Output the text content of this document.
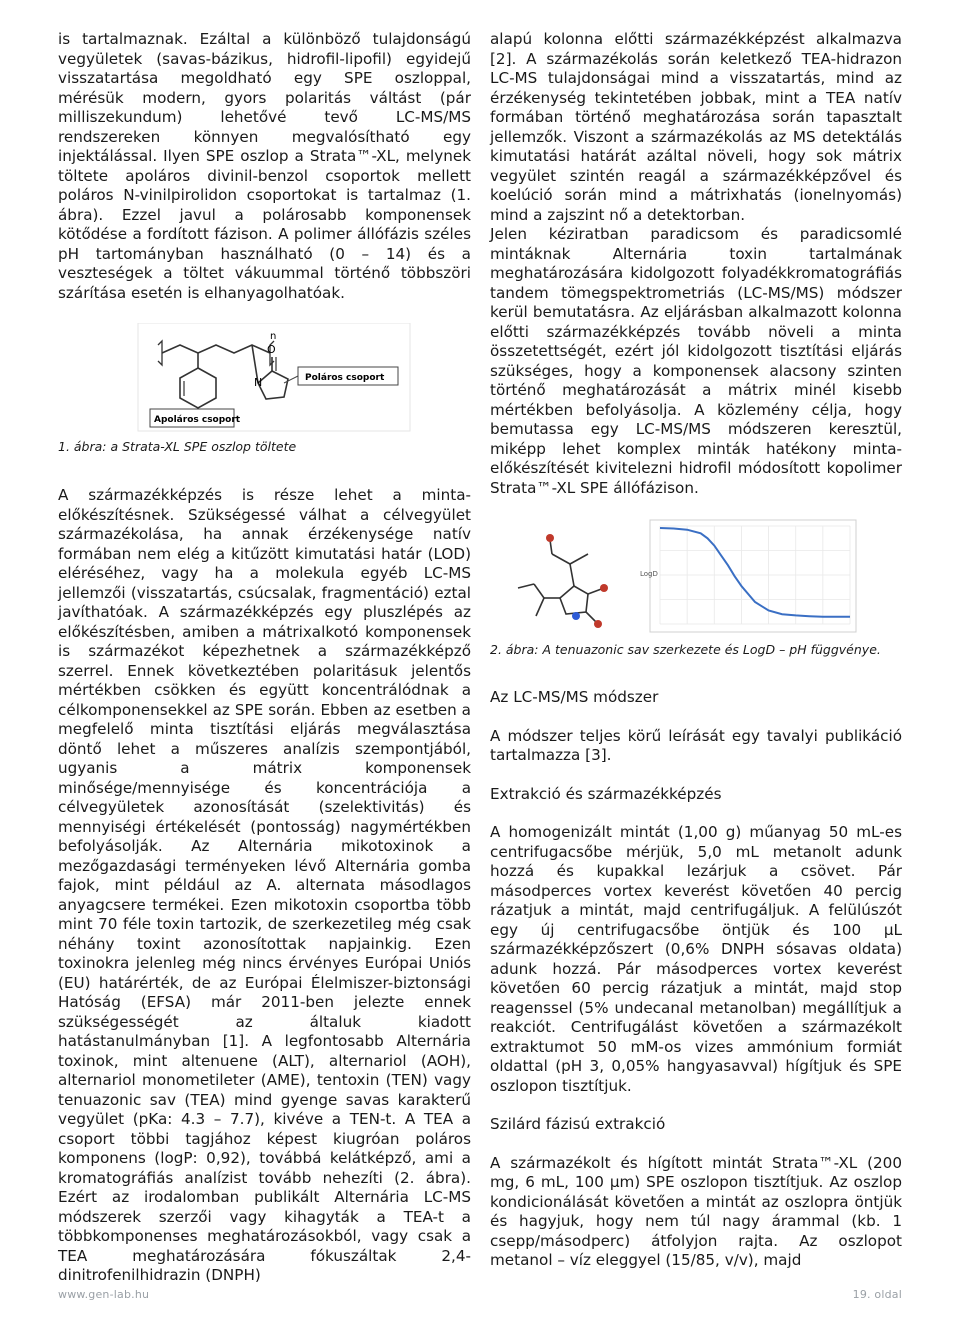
is tartalmaznak. Ezáltal a különböző tulajdonságú vegyületek (savas-bázikus, hidrofil-lipofil) egyidejű visszatartása megoldható egy SPE oszloppal, mérésük modern, gyors polaritás váltást (pár milliszekundum) lehetővé tevő LC-MS/MS rendszereken könnyen megvalósítható egy injektálással. Ilyen SPE oszlop a Strata™-XL, melynek töltete apoláros divinil-benzol csoportok mellett poláros N-vinilpirolidon csoportokat is tartalmaz (1. ábra). Ezzel javul a polárosabb komponensek kötődése a fordított fázison. A polimer állófázis széles pH tartományban használható (0 – 14) és a veszteségek a töltet vákuummal történő többszöri szárítása esetén is elhanyagolhatóak.

n
O
N	Poláros csoport
Apoláros csoport

1. ábra: a Strata-XL SPE oszlop töltete

A származékképzés is része lehet a minta-előkészítésnek. Szükségessé válhat a célvegyület származékolása, ha annak érzékenysége natív formában nem elég a kitűzött kimutatási határ (LOD) eléréséhez, vagy ha a molekula egyéb LC-MS jellemzői (visszatartás, csúcsalak, fragmentáció) eztal javíthatóak. A származékképzés egy pluszlépés az előkészítésben, amiben a mátrixalkotó komponensek is származékot képezhetnek a származékképző szerrel. Ennek következtében polaritásuk jelentős mértékben csökken és együtt koncentrálódnak a célkomponensekkel az SPE során. Ebben az esetben a megfelelő minta tisztítási eljárás megválasztása döntő lehet a műszeres analízis szempontjából, ugyanis a mátrix komponensek minősége/mennyisége és koncentrációja a célvegyületek azonosítását (szelektivitás) és mennyiségi értékelését (pontosság) nagymértékben befolyásolják. Az Alternária mikotoxinok a mezőgazdasági terményeken lévő Alternária gomba fajok, mint például az A. alternata másodlagos anyagcsere termékei. Ezen mikotoxin csoportba több mint 70 féle toxin tartozik, de szerkezetileg még csak néhány toxint azonosítottak napjainkig. Ezen toxinokra jelenleg még nincs érvényes Európai Uniós (EU) határérték, de az Európai Élelmiszer-biztonsági Hatóság (EFSA) már 2011-ben jelezte ennek szükségességét az általuk kiadott hatástanulmányban [1]. A legfontosabb Alternária toxinok, mint altenuene (ALT), alternariol (AOH), alternariol monometileter (AME), tentoxin (TEN) vagy tenuazonic sav (TEA) mind gyenge savas karakterű vegyület (pKa: 4.3 – 7.7), kivéve a TEN-t. A TEA a csoport többi tagjához képest kiugróan poláros komponens (logP: 0,92), továbbá kelátképző, ami a kromatográfiás analízist tovább nehezíti (2. ábra). Ezért az irodalomban publikált Alternária LC-MS módszerek szerzői vagy kihagyták a TEA-t a többkomponenses meghatározásokból, vagy csak a TEA meghatározására fókuszáltak 2,4-dinitrofenilhidrazin (DNPH)

alapú kolonna előtti származékképzést alkalmazva [2]. A származékolás során keletkező TEA-hidrazon LC-MS tulajdonságai mind a visszatartás, mind az érzékenység tekintetében jobbak, mint a TEA natív formában történő meghatározása során tapasztalt jellemzők. Viszont a származékolás az MS detektálás kimutatási határát azáltal növeli, hogy sok mátrix vegyület szintén reagál a származékképzővel és koelúció során mind a mátrixhatás (ionelnyomás) mind a zajszint nő a detektorban.

Jelen kéziratban paradicsom és paradicsomlé mintáknak Alternária toxin tartalmának meghatározására kidolgozott folyadékkromatográfiás tandem tömegspektrometriás (LC-MS/MS) módszer kerül bemutatásra. Az eljárásban alkalmazott kolonna előtti származékképzés tovább növeli a minta összetettségét, ezért jól kidolgozott tisztítási eljárás szükséges, hogy a komponensek alacsony szinten történő meghatározását a mátrix minél kisebb mértékben befolyásolja. A közlemény célja, hogy bemutassa egy LC-MS/MS módszeren keresztül, miképp lehet komplex minták hatékony minta-előkészítését kivitelezni hidrofil módosított kopolimer Strata™-XL SPE állófázison.

LogD

2. ábra: A tenuazonic sav szerkezete és LogD – pH függvénye.

Az LC-MS/MS módszer

A módszer teljes körű leírását egy tavalyi publikáció tartalmazza [3].

Extrakció és származékképzés

A homogenizált mintát (1,00 g) műanyag 50 mL-es centrifugacsőbe mérjük, 5,0 mL metanolt adunk hozzá és kupakkal lezárjuk a csövet. Pár másodperces vortex keverést követően 40 percig rázatjuk a mintát, majd centrifugáljuk. A felülúszót egy új centrifugacsőbe öntjük és 100 μL származékképzőszert (0,6% DNPH sósavas oldata) adunk hozzá. Pár másodperces vortex keverést követően 60 percig rázatjuk a mintát, majd stop reagenssel (5% undecanal metanolban) megállítjuk a reakciót. Centrifugálást követően a származékolt extraktumot 50 mM-os vizes ammónium formiát oldattal (pH 3, 0,05% hangyasavval) hígítjuk és SPE oszlopon tisztítjuk.

Szilárd fázisú extrakció

A származékolt és hígított mintát Strata™-XL (200 mg, 6 mL, 100 μm) SPE oszlopon tisztítjuk. Az oszlop kondicionálását követően a mintát az oszlopra öntjük és hagyjuk, hogy nem túl nagy árammal (kb. 1 csepp/másodperc) átfolyjon rajta. Az oszlopot metanol – víz eleggyel (15/85, v/v), majd

www.gen-lab.hu	19. oldal
